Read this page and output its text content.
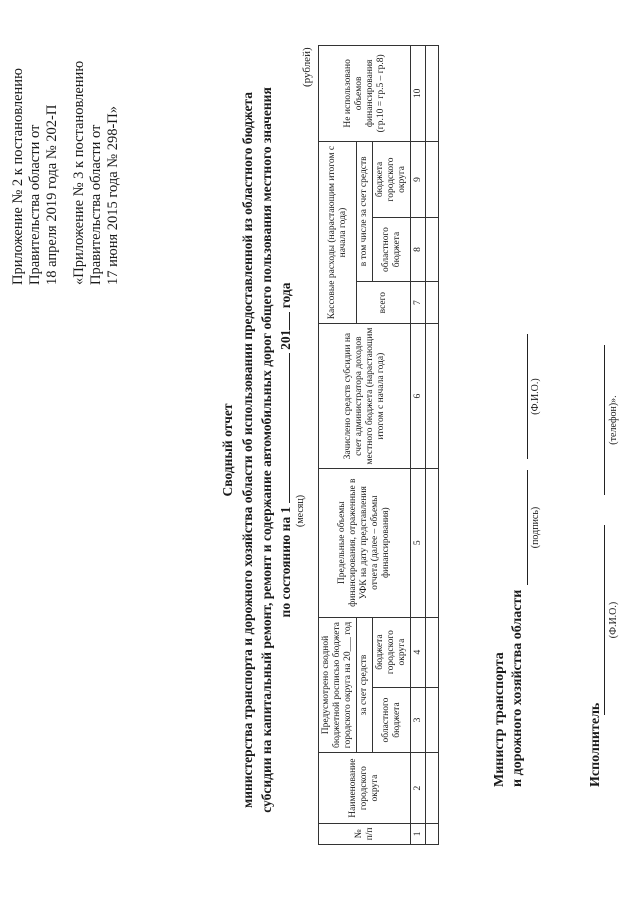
Приложение № 2 к постановлению Правительства области от 18 апреля 2019 года № 202-П «Приложение № 3 к постановлению Правительства области от 17 июня 2015 года № 298-П»
Сводный отчет министерства транспорта и дорожного хозяйства области об использовании предоставленной из областного бюджета субсидии на капитальный ремонт, ремонт и содержание автомобильных дорог общего пользования местного значения по состоянию на 1  201 года
(месяц)
(рублей)
№ п/п	Наименование городского округа	Предусмотрено сводной бюджетной росписью бюджета городского округа на 20___ год		Предельные объемы финансирования, отраженные в УФК на дату представления отчета (далее – объемы финансирования)	Зачислено средств субсидии на счет администратора доходов местного бюджета (нарастающим итогом с начала года)	Кассовые расходы (нарастающим итогом с начала года)			Не использовано объемов финансирования (гр.10 = гр.5 – гр.8)
		за счет средств				всего	в том числе за счет средств		
		областного бюджета	бюджета городского округа				областного бюджета	бюджета городского округа	
1	2	3	4	5	6	7	8	9	10

Министр транспорта и дорожного хозяйства области
(подпись)
(Ф.И.О.)
Исполнитель
(Ф.И.О.)
(телефон)».
